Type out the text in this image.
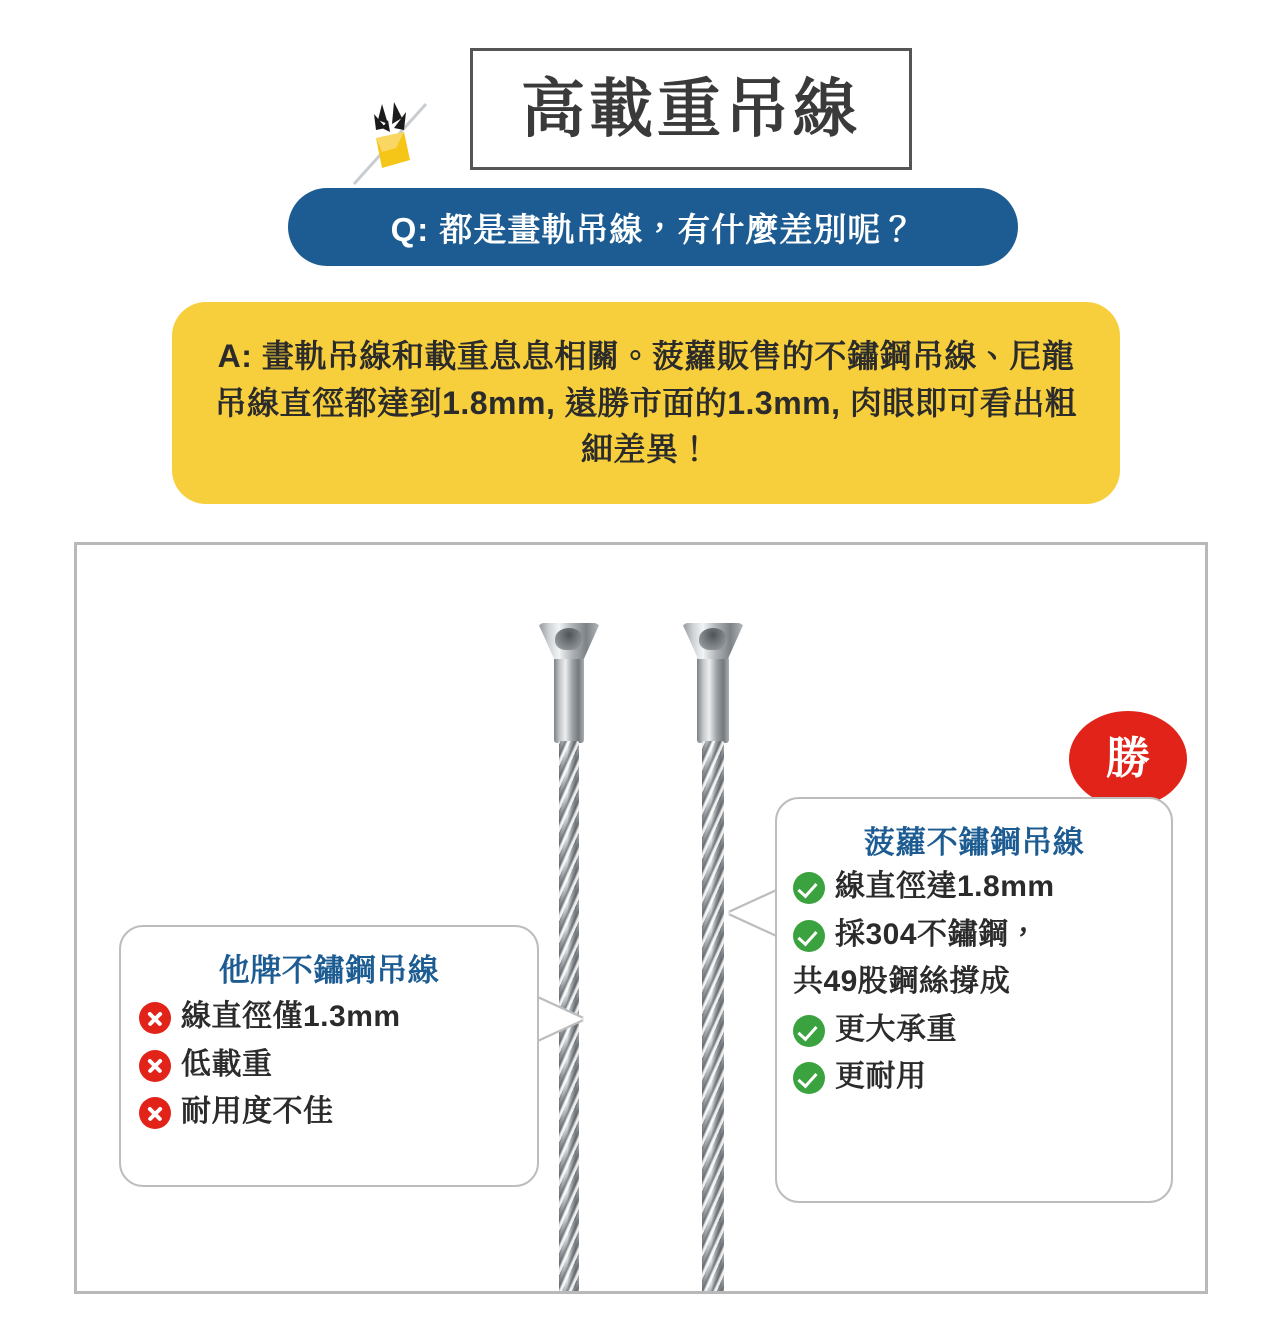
高載重吊線
Q: 都是畫軌吊線，有什麼差別呢？
A: 畫軌吊線和載重息息相關。菠蘿販售的不鏽鋼吊線、尼龍吊線直徑都達到1.8mm, 遠勝市面的1.3mm, 肉眼即可看出粗細差異！
勝
他牌不鏽鋼吊線
線直徑僅1.3mm
低載重
耐用度不佳
菠蘿不鏽鋼吊線
線直徑達1.8mm
採304不鏽鋼，
共49股鋼絲撐成
更大承重
更耐用
